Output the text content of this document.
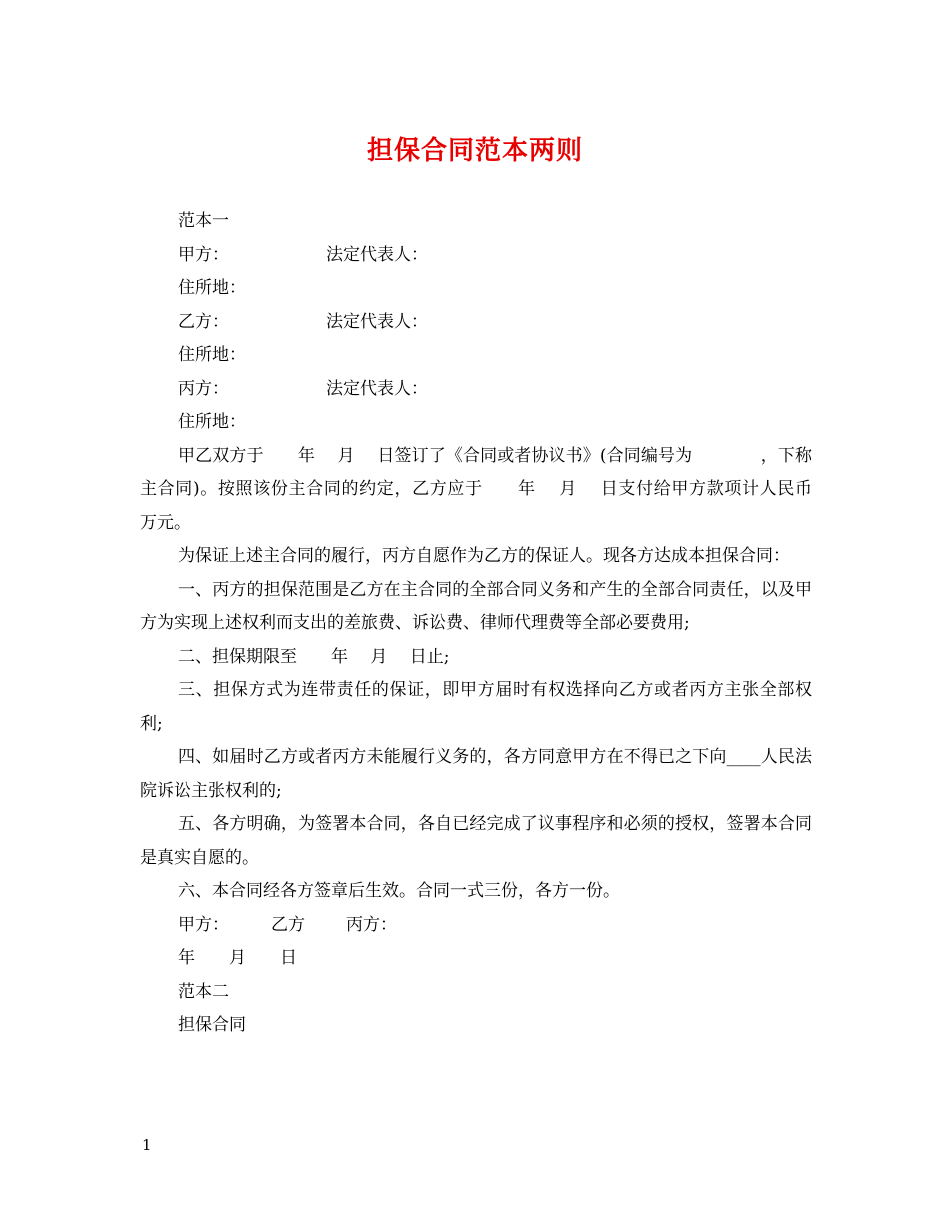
担保合同范本两则
范本一
甲方：	法定代表人：
住所地：
乙方：	法定代表人：
住所地：
丙方：	法定代表人：
住所地：

甲乙双方于　　年　 月　 日签订了《合同或者协议书》(合同编号为　　　　，下称主合同)。按照该份主合同的约定，乙方应于　　年　 月　 日支付给甲方款项计人民币　　万元。

为保证上述主合同的履行，丙方自愿作为乙方的保证人。现各方达成本担保合同：

一、丙方的担保范围是乙方在主合同的全部合同义务和产生的全部合同责任，以及甲方为实现上述权利而支出的差旅费、诉讼费、律师代理费等全部必要费用;

二、担保期限至　　年　 月　 日止;

三、担保方式为连带责任的保证，即甲方届时有权选择向乙方或者丙方主张全部权利;

四、如届时乙方或者丙方未能履行义务的，各方同意甲方在不得已之下向____人民法院诉讼主张权利的;

五、各方明确，为签署本合同，各自已经完成了议事程序和必须的授权，签署本合同是真实自愿的。

六、本合同经各方签章后生效。合同一式三份，各方一份。

甲方： 乙方 丙方：
年　　月　　日
范本二
担保合同
1
